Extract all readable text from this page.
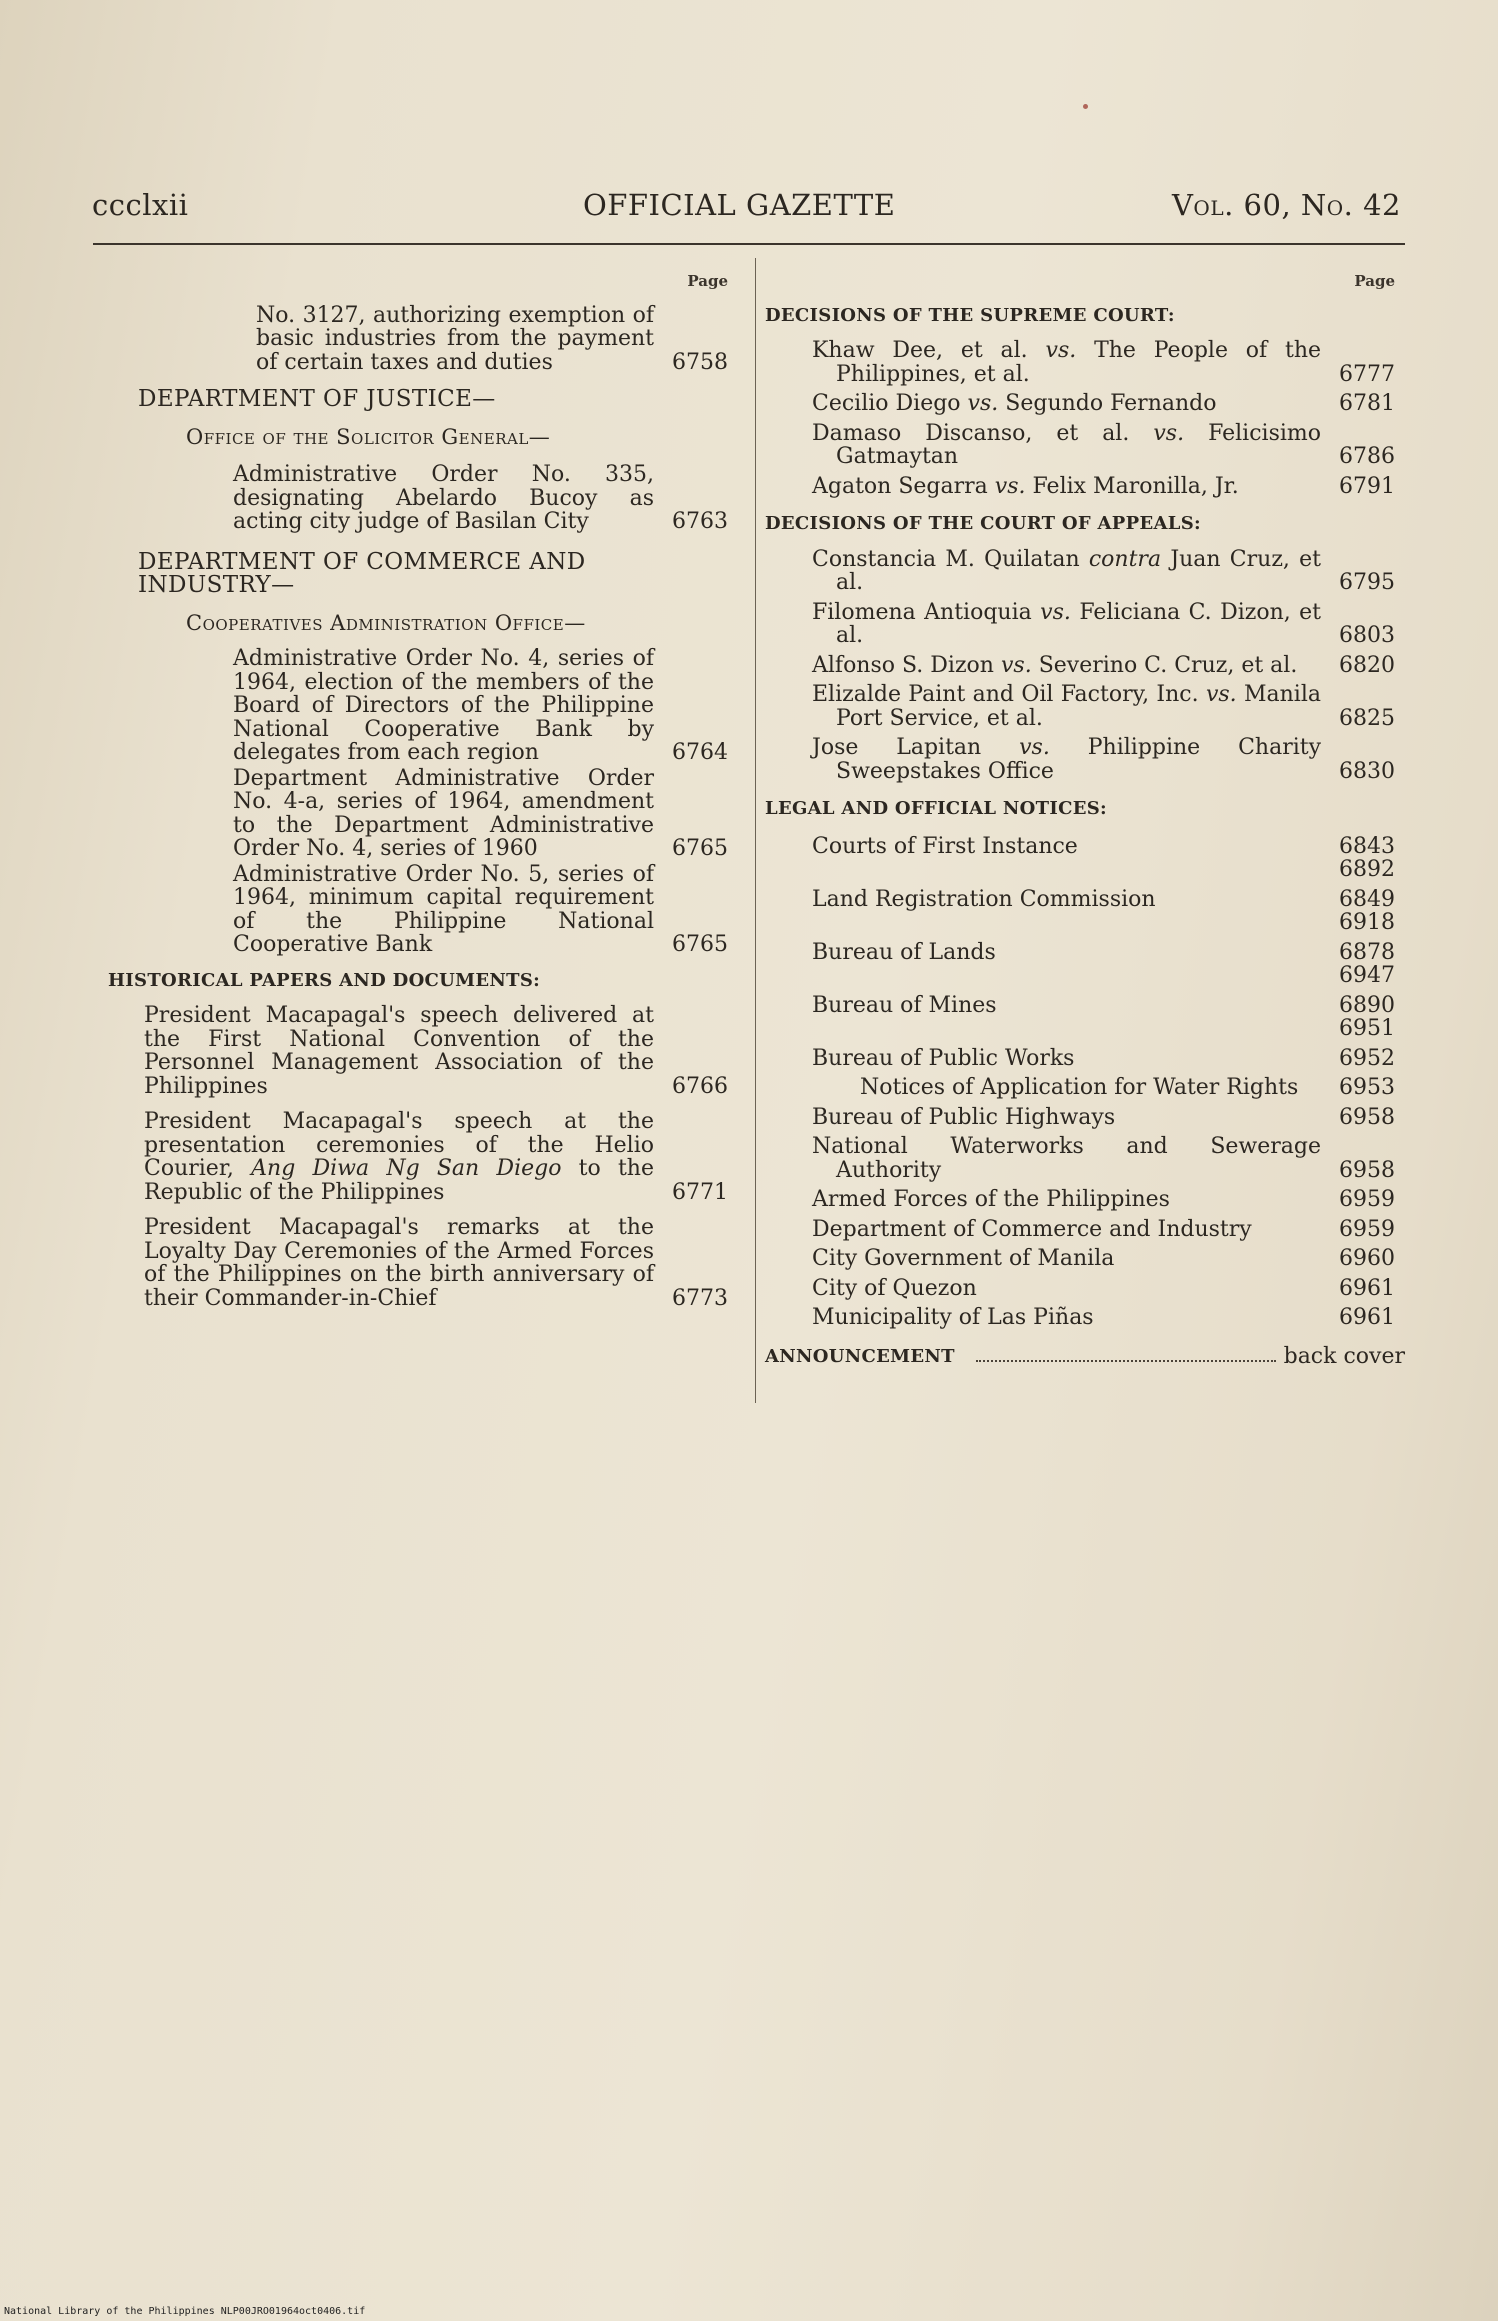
ccclxii	OFFICIAL GAZETTE	Vol. 60, No. 42
Page
No. 3127, authorizing exemption of basic industries from the payment of certain taxes and duties	6758
DEPARTMENT OF JUSTICE—
Office of the Solicitor General—
Administrative Order No. 335, designating Abelardo Bucoy as acting city judge of Basilan City	6763
DEPARTMENT OF COMMERCE AND INDUSTRY—
Cooperatives Administration Office—
Administrative Order No. 4, series of 1964, election of the members of the Board of Directors of the Philippine National Cooperative Bank by delegates from each region	6764
Department Administrative Order No. 4-a, series of 1964, amendment to the Department Administrative Order No. 4, series of 1960	6765
Administrative Order No. 5, series of 1964, minimum capital requirement of the Philippine National Cooperative Bank	6765
HISTORICAL PAPERS AND DOCUMENTS:
President Macapagal's speech delivered at the First National Convention of the Personnel Management Association of the Philippines	6766
President Macapagal's speech at the presentation ceremonies of the Helio Courier, Ang Diwa Ng San Diego to the Republic of the Philippines	6771
President Macapagal's remarks at the Loyalty Day Ceremonies of the Armed Forces of the Philippines on the birth anniversary of their Commander-in-Chief	6773
Page
DECISIONS OF THE SUPREME COURT:
Khaw Dee, et al. vs. The People of the Philippines, et al.	6777
Cecilio Diego vs. Segundo Fernando	6781
Damaso Discanso, et al. vs. Felicisimo Gatmaytan	6786
Agaton Segarra vs. Felix Maronilla, Jr.	6791
DECISIONS OF THE COURT OF APPEALS:
Constancia M. Quilatan contra Juan Cruz, et al.	6795
Filomena Antioquia vs. Feliciana C. Dizon, et al.	6803
Alfonso S. Dizon vs. Severino C. Cruz, et al.	6820
Elizalde Paint and Oil Factory, Inc. vs. Manila Port Service, et al.	6825
Jose Lapitan vs. Philippine Charity Sweepstakes Office	6830
LEGAL AND OFFICIAL NOTICES:
Courts of First Instance	6843
6892
Land Registration Commission	6849
6918
Bureau of Lands	6878
6947
Bureau of Mines	6890
6951
Bureau of Public Works	6952
Notices of Application for Water Rights	6953
Bureau of Public Highways	6958
National Waterworks and Sewerage Authority	6958
Armed Forces of the Philippines	6959
Department of Commerce and Industry	6959
City Government of Manila	6960
City of Quezon	6961
Municipality of Las Piñas	6961
ANNOUNCEMENT	back cover
National Library of the Philippines NLP00JRO01964oct0406.tif
